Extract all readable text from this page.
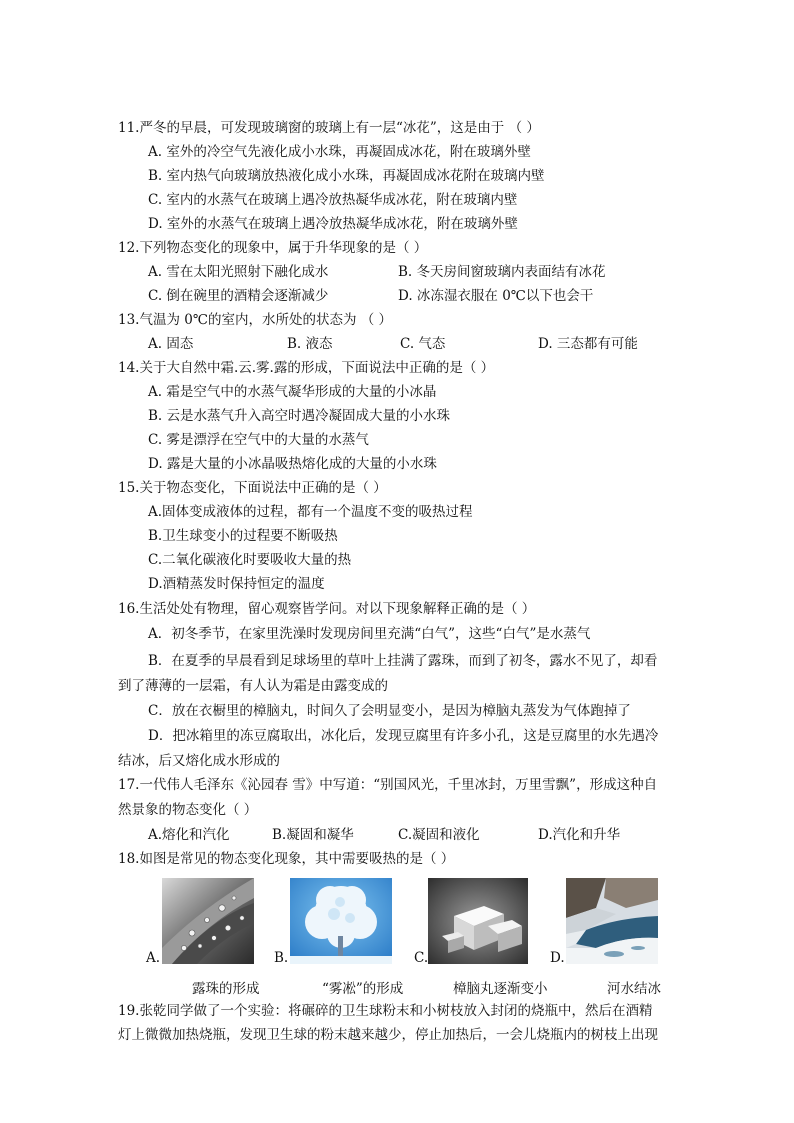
11.严冬的早晨，可发现玻璃窗的玻璃上有一层“冰花”，这是由于 （ ）
A. 室外的冷空气先液化成小水珠，再凝固成冰花，附在玻璃外壁
B. 室内热气向玻璃放热液化成小水珠，再凝固成冰花附在玻璃内壁
C. 室内的水蒸气在玻璃上遇冷放热凝华成冰花，附在玻璃内壁
D. 室外的水蒸气在玻璃上遇冷放热凝华成冰花，附在玻璃外壁
12.下列物态变化的现象中，属于升华现象的是（ ）
A. 雪在太阳光照射下融化成水	B. 冬天房间窗玻璃内表面结有冰花
C. 倒在碗里的酒精会逐渐减少	D. 冰冻湿衣服在 0℃以下也会干
13.气温为 0℃的室内，水所处的状态为 （ ）
A. 固态	B. 液态	C. 气态	D. 三态都有可能
14.关于大自然中霜.云.雾.露的形成，下面说法中正确的是（ ）
A. 霜是空气中的水蒸气凝华形成的大量的小冰晶
B. 云是水蒸气升入高空时遇冷凝固成大量的小水珠
C. 雾是漂浮在空气中的大量的水蒸气
D. 露是大量的小冰晶吸热熔化成的大量的小水珠
15.关于物态变化，下面说法中正确的是（ ）
A.固体变成液体的过程，都有一个温度不变的吸热过程
B.卫生球变小的过程要不断吸热
C.二氧化碳液化时要吸收大量的热
D.酒精蒸发时保持恒定的温度
16.生活处处有物理，留心观察皆学问。对以下现象解释正确的是（ ）
A．初冬季节，在家里洗澡时发现房间里充满“白气”，这些“白气”是水蒸气
B．在夏季的早晨看到足球场里的草叶上挂满了露珠，而到了初冬，露水不见了，却看
到了薄薄的一层霜，有人认为霜是由露变成的
C．放在衣橱里的樟脑丸，时间久了会明显变小，是因为樟脑丸蒸发为气体跑掉了
D．把冰箱里的冻豆腐取出，冰化后，发现豆腐里有许多小孔，这是豆腐里的水先遇冷
结冰，后又熔化成水形成的
17.一代伟人毛泽东《沁园春 雪》中写道：“别国风光，千里冰封，万里雪飘”，形成这种自
然景象的物态变化（ ）
A.熔化和汽化	B.凝固和凝华	C.凝固和液化	D.汽化和升华
18.如图是常见的物态变化现象，其中需要吸热的是（ ）
A.	B.	C.	D.
露珠的形成	“雾凇”的形成	樟脑丸逐渐变小	河水结冰
19.张乾同学做了一个实验：将碾碎的卫生球粉末和小树枝放入封闭的烧瓶中，然后在酒精
灯上微微加热烧瓶，发现卫生球的粉末越来越少，停止加热后，一会儿烧瓶内的树枝上出现
